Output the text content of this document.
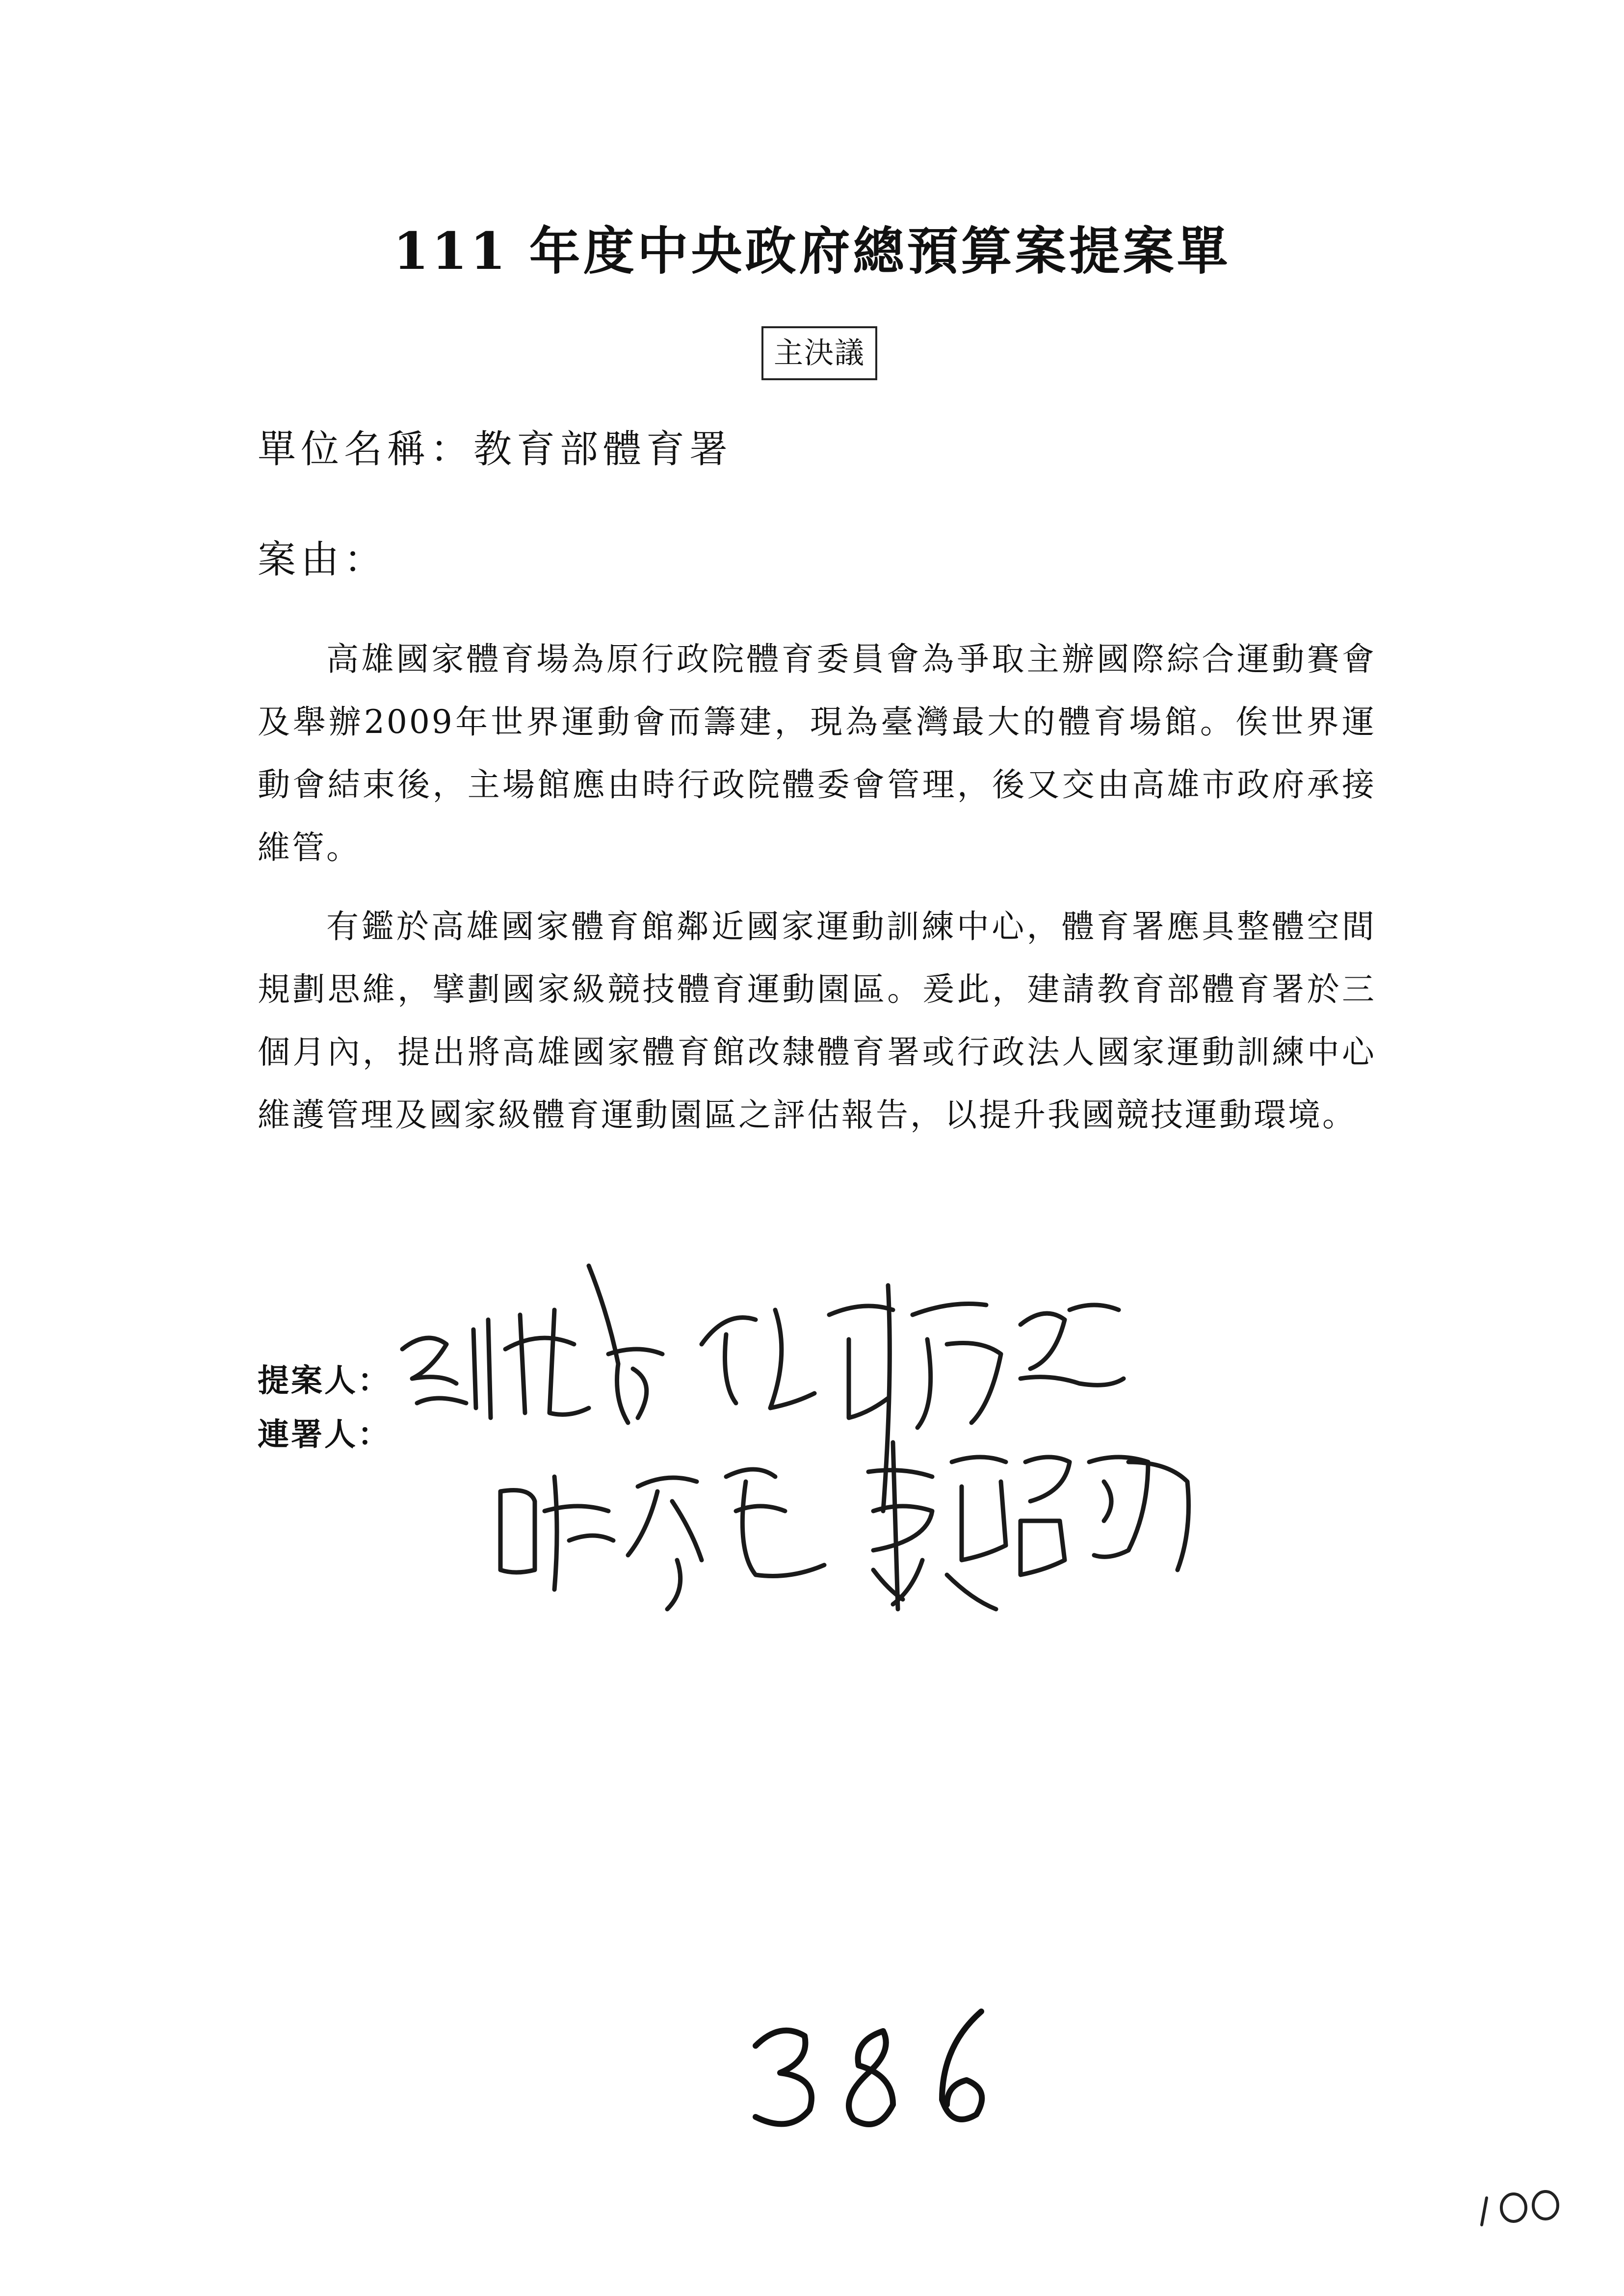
111 年度中央政府總預算案提案單
主決議
單位名稱：教育部體育署
案由：
高雄國家體育場為原行政院體育委員會為爭取主辦國際綜合運動賽會及舉辦2009年世界運動會而籌建，現為臺灣最大的體育場館。俟世界運動會結束後，主場館應由時行政院體委會管理，後又交由高雄市政府承接維管。
有鑑於高雄國家體育館鄰近國家運動訓練中心，體育署應具整體空間規劃思維，擘劃國家級競技體育運動園區。爰此，建請教育部體育署於三個月內，提出將高雄國家體育館改隸體育署或行政法人國家運動訓練中心維護管理及國家級體育運動園區之評估報告，以提升我國競技運動環境。
提案人：
連署人：
